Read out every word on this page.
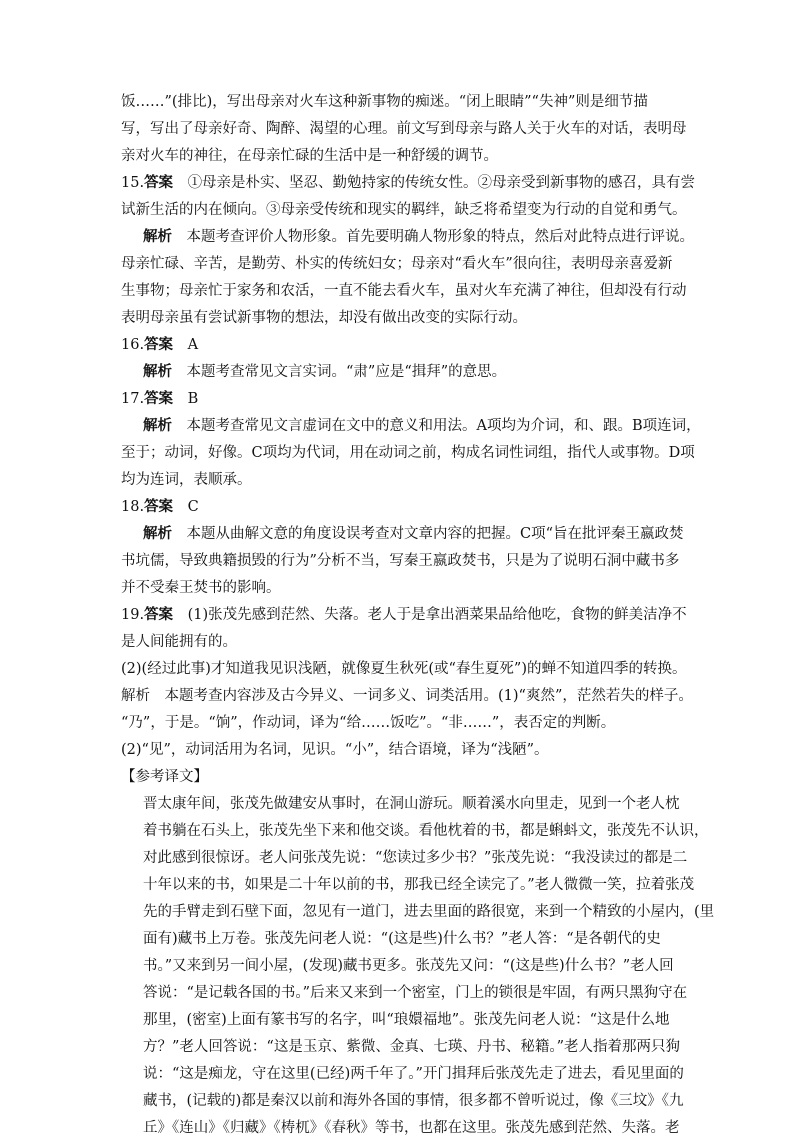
饭……”(排比)，写出母亲对火车这种新事物的痴迷。“闭上眼睛”“失神”则是细节描

写，写出了母亲好奇、陶醉、渴望的心理。前文写到母亲与路人关于火车的对话，表明母

亲对火车的神往，在母亲忙碌的生活中是一种舒缓的调节。

15.答案　 ①母亲是朴实、坚忍、勤勉持家的传统女性。②母亲受到新事物的感召，具有尝

试新生活的内在倾向。③母亲受传统和现实的羁绊，缺乏将希望变为行动的自觉和勇气。

解析　 本题考查评价人物形象。首先要明确人物形象的特点，然后对此特点进行评说。

母亲忙碌、辛苦，是勤劳、朴实的传统妇女；母亲对“看火车”很向往，表明母亲喜爱新

生事物；母亲忙于家务和农活，一直不能去看火车，虽对火车充满了神往，但却没有行动

表明母亲虽有尝试新事物的想法，却没有做出改变的实际行动。

16.答案　 A

解析　 本题考查常见文言实词。“肃”应是“揖拜”的意思。

17.答案　 B

解析　 本题考查常见文言虚词在文中的意义和用法。A项均为介词，和、跟。B项连词，

至于；动词，好像。C项均为代词，用在动词之前，构成名词性词组，指代人或事物。D项

均为连词，表顺承。

18.答案　 C

解析　 本题从曲解文意的角度设误考查对文章内容的把握。C项“旨在批评秦王嬴政焚

书坑儒，导致典籍损毁的行为”分析不当，写秦王嬴政焚书，只是为了说明石洞中藏书多

并不受秦王焚书的影响。

19.答案　 (1)张茂先感到茫然、失落。老人于是拿出酒菜果品给他吃，食物的鲜美洁净不

是人间能拥有的。

(2)(经过此事)才知道我见识浅陋，就像夏生秋死(或“春生夏死”)的蝉不知道四季的转换。

解析　本题考查内容涉及古今异义、一词多义、词类活用。(1)“爽然”，茫然若失的样子。

“乃”，于是。“饷”，作动词，译为“给……饭吃”。“非……”，表否定的判断。

(2)“见”，动词活用为名词，见识。“小”，结合语境，译为“浅陋”。

【参考译文】

晋太康年间，张茂先做建安从事时，在洞山游玩。顺着溪水向里走，见到一个老人枕

着书躺在石头上，张茂先坐下来和他交谈。看他枕着的书，都是蝌蚪文，张茂先不认识，

对此感到很惊讶。老人问张茂先说：“您读过多少书？”张茂先说：“我没读过的都是二

十年以来的书，如果是二十年以前的书，那我已经全读完了。”老人微微一笑，拉着张茂

先的手臂走到石壁下面，忽见有一道门，进去里面的路很宽，来到一个精致的小屋内，(里

面有)藏书上万卷。张茂先问老人说：“(这是些)什么书？”老人答：“是各朝代的史

书。”又来到另一间小屋，(发现)藏书更多。张茂先又问：“(这是些)什么书？”老人回

答说：“是记载各国的书。”后来又来到一个密室，门上的锁很是牢固，有两只黑狗守在

那里，(密室)上面有篆书写的名字，叫“琅嬛福地”。张茂先问老人说：“这是什么地

方？”老人回答说：“这是玉京、紫微、金真、七瑛、丹书、秘籍。”老人指着那两只狗

说：“这是痴龙，守在这里(已经)两千年了。”开门揖拜后张茂先走了进去，看见里面的

藏书，(记载的)都是秦汉以前和海外各国的事情，很多都不曾听说过，像《三坟》《九

丘》《连山》《归藏》《梼杌》《春秋》等书，也都在这里。张茂先感到茫然、失落。老
